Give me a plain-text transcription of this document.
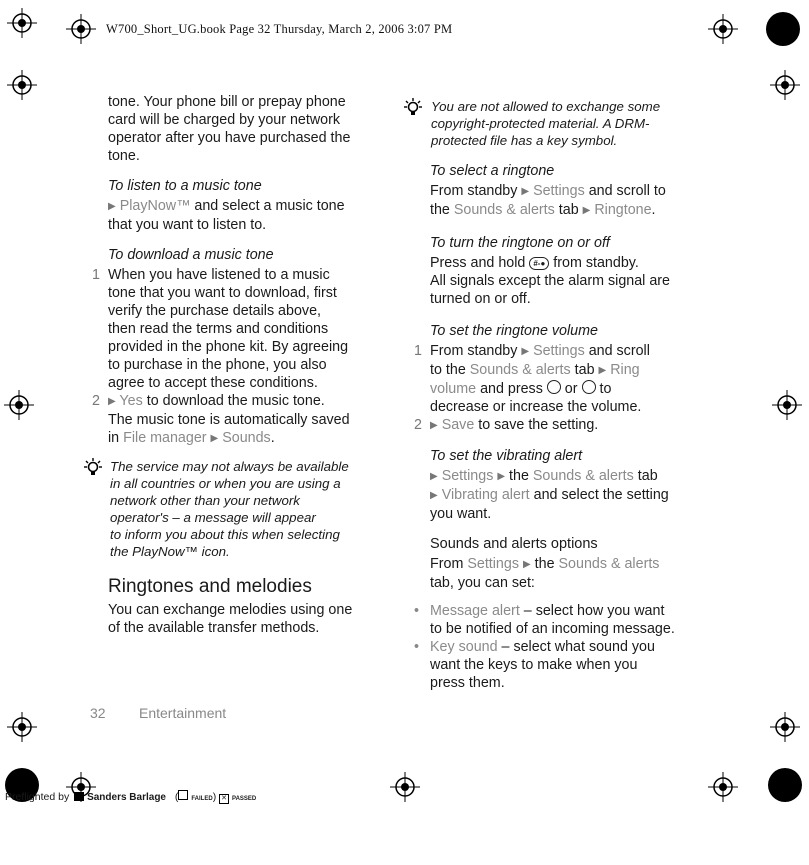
W700_Short_UG.book Page 32 Thursday, March 2, 2006 3:07 PM
tone. Your phone bill or prepay phone
card will be charged by your network
operator after you have purchased the
tone.
To listen to a music tone
▶ PlayNow™ and select a music tone
that you want to listen to.
To download a music tone
1 When you have listened to a music
tone that you want to download, first
verify the purchase details above,
then read the terms and conditions
provided in the phone kit. By agreeing
to purchase in the phone, you also
agree to accept these conditions.
2 ▶ Yes to download the music tone.
The music tone is automatically saved
in File manager ▶ Sounds.
The service may not always be available
in all countries or when you are using a
network other than your network
operator's – a message will appear
to inform you about this when selecting
the PlayNow™ icon.
Ringtones and melodies
You can exchange melodies using one
of the available transfer methods.
You are not allowed to exchange some
copyright-protected material. A DRM-
protected file has a key symbol.
To select a ringtone
From standby ▶ Settings and scroll to
the Sounds & alerts tab ▶ Ringtone.
To turn the ringtone on or off
Press and hold #-● from standby.
All signals except the alarm signal are
turned on or off.
To set the ringtone volume
1 From standby ▶ Settings and scroll
to the Sounds & alerts tab ▶ Ring
volume and press  or  to
decrease or increase the volume.
2 ▶ Save to save the setting.
To set the vibrating alert
▶ Settings ▶ the Sounds & alerts tab
▶ Vibrating alert and select the setting
you want.
Sounds and alerts options
From Settings ▶ the Sounds & alerts
tab, you can set:
• Message alert – select how you want
to be notified of an incoming message.
• Key sound – select what sound you
want the keys to make when you
press them.
32 Entertainment
Preflighted by Sanders Barlage ( FAILED) ✕ PASSED
